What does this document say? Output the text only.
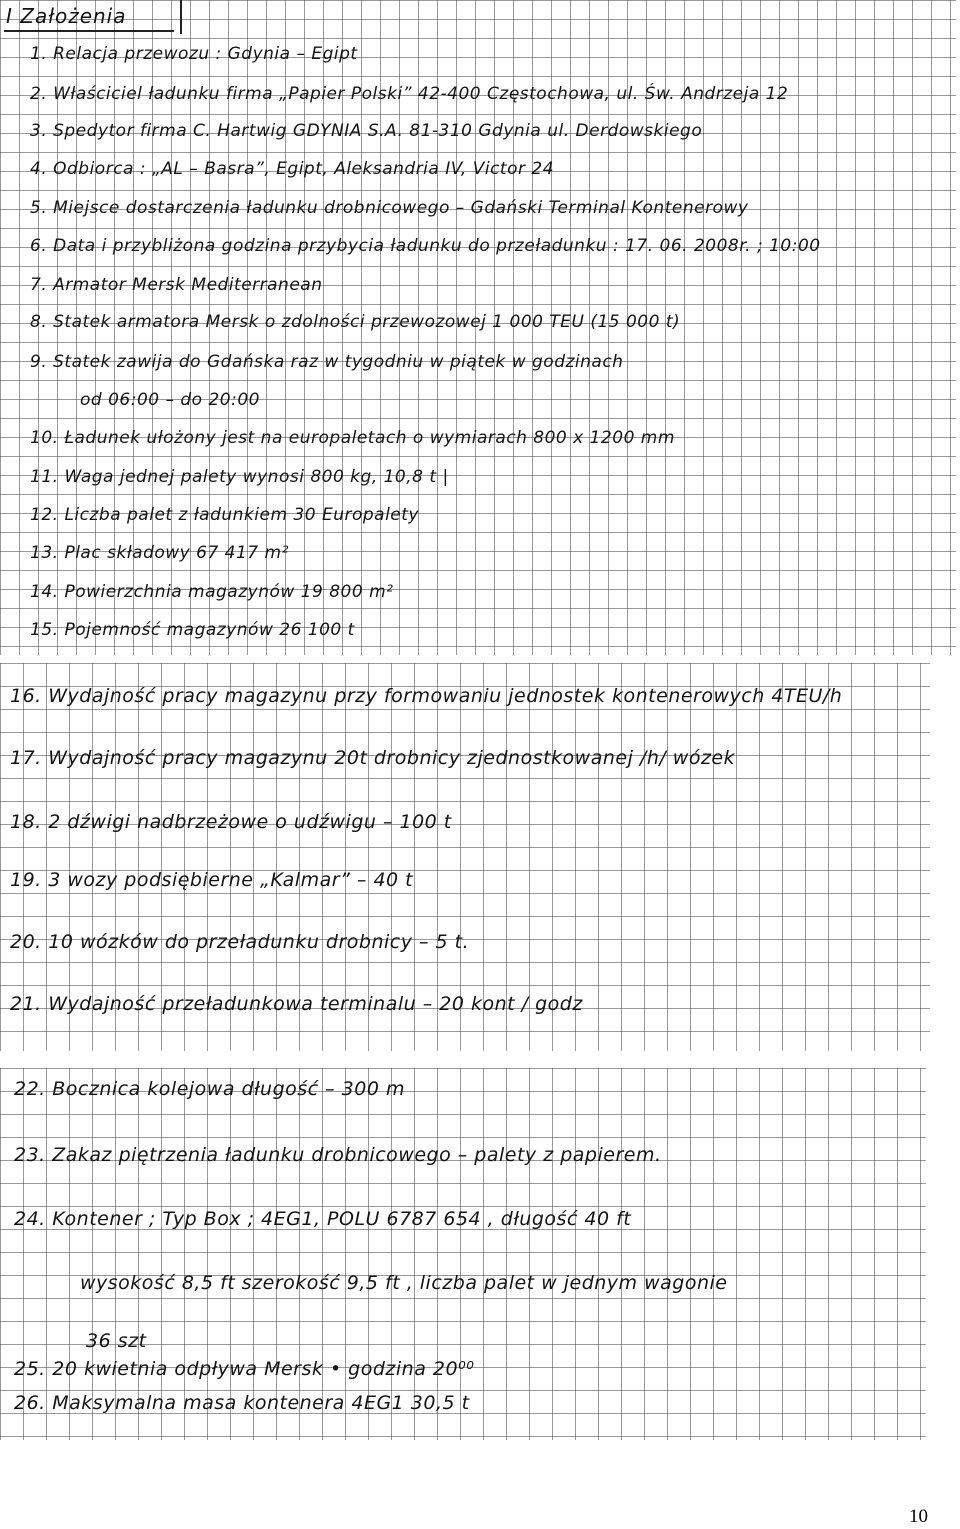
I Założenia
1. Relacja przewozu : Gdynia – Egipt
2. Właściciel ładunku firma „Papier Polski” 42-400 Częstochowa, ul. Św. Andrzeja 12
3. Spedytor firma C. Hartwig GDYNIA S.A. 81-310 Gdynia ul. Derdowskiego
4. Odbiorca : „AL – Basra”, Egipt, Aleksandria IV, Victor 24
5. Miejsce dostarczenia ładunku drobnicowego – Gdański Terminal Kontenerowy
6. Data i przybliżona godzina przybycia ładunku do przeładunku : 17. 06. 2008r. ; 10:00
7. Armator Mersk Mediterranean
8. Statek armatora Mersk o zdolności przewozowej 1 000 TEU (15 000 t)
9. Statek zawija do Gdańska raz w tygodniu w piątek w godzinach
od 06:00 – do 20:00
10. Ładunek ułożony jest na europaletach o wymiarach 800 x 1200 mm
11. Waga jednej palety wynosi 800 kg, 10,8 t |
12. Liczba palet z ładunkiem 30 Europalety
13. Plac składowy 67 417 m²
14. Powierzchnia magazynów 19 800 m²
15. Pojemność magazynów 26 100 t
16. Wydajność pracy magazynu przy formowaniu jednostek kontenerowych 4TEU/h
17. Wydajność pracy magazynu 20t drobnicy zjednostkowanej /h/ wózek
18. 2 dźwigi nadbrzeżowe o udźwigu – 100 t
19. 3 wozy podsiębierne „Kalmar” – 40 t
20. 10 wózków do przeładunku drobnicy – 5 t.
21. Wydajność przeładunkowa terminalu – 20 kont / godz
22. Bocznica kolejowa długość – 300 m
23. Zakaz piętrzenia ładunku drobnicowego – palety z papierem.
24. Kontener ; Typ Box ; 4EG1, POLU 6787 654 , długość 40 ft
wysokość 8,5 ft szerokość 9,5 ft , liczba palet w jednym wagonie
36 szt
25. 20 kwietnia odpływa Mersk • godzina 20⁰⁰
26. Maksymalna masa kontenera 4EG1 30,5 t
10
